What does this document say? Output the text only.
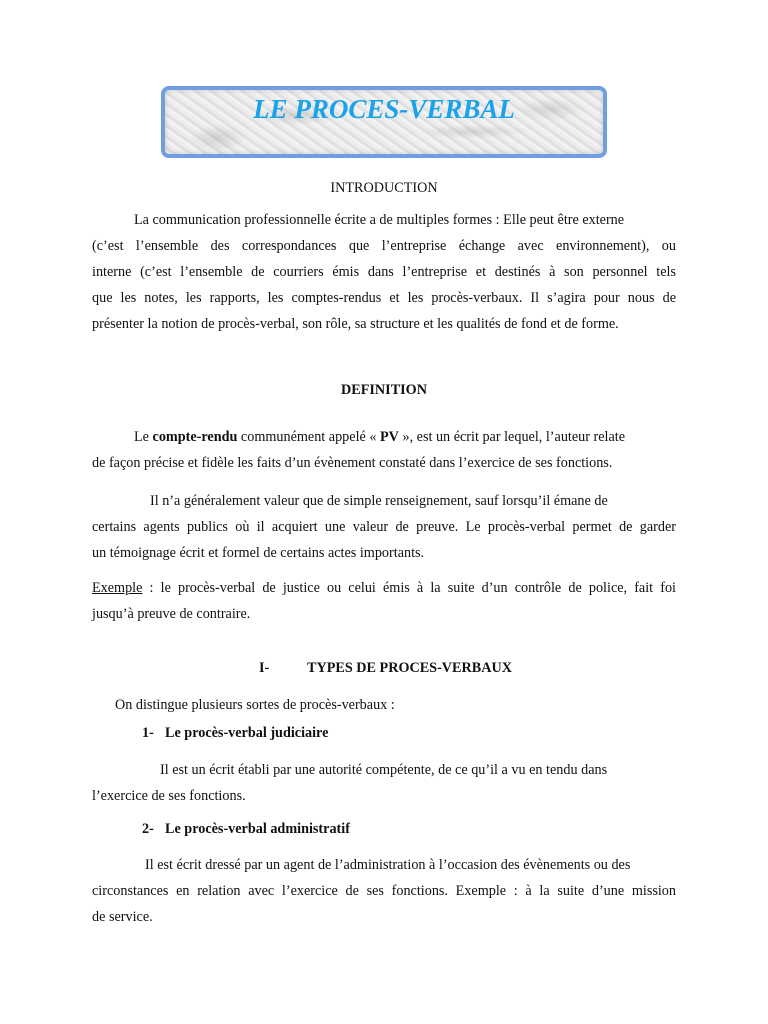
LE PROCES-VERBAL
INTRODUCTION
La communication professionnelle écrite a de multiples formes : Elle peut être externe
(c’est l’ensemble des correspondances que l’entreprise échange avec environnement), ou
interne (c’est l’ensemble de courriers émis dans l’entreprise et destinés à son personnel tels
que les notes, les rapports, les comptes-rendus et les procès-verbaux. Il s’agira pour nous de
présenter la notion de procès-verbal, son rôle, sa structure et les qualités de fond et de forme.
DEFINITION
Le compte-rendu communément appelé « PV », est un écrit par lequel, l’auteur relate
de façon précise et fidèle les faits d’un évènement constaté dans l’exercice de ses fonctions.
Il n’a généralement valeur que de simple renseignement, sauf lorsqu’il émane de
certains agents publics où il acquiert une valeur de preuve. Le procès-verbal permet de garder
un témoignage écrit et formel de certains actes importants.
Exemple : le procès-verbal de justice ou celui émis à la suite d’un contrôle de police, fait foi
jusqu’à preuve de contraire.
I-	TYPES DE PROCES-VERBAUX
On distingue plusieurs sortes de procès-verbaux :
1- Le procès-verbal judiciaire
Il est un écrit établi par une autorité compétente, de ce qu’il a vu en tendu dans
l’exercice de ses fonctions.
2- Le procès-verbal administratif
Il est écrit dressé par un agent de l’administration à l’occasion des évènements ou des
circonstances en relation avec l’exercice de ses fonctions. Exemple : à la suite d’une mission
de service.
